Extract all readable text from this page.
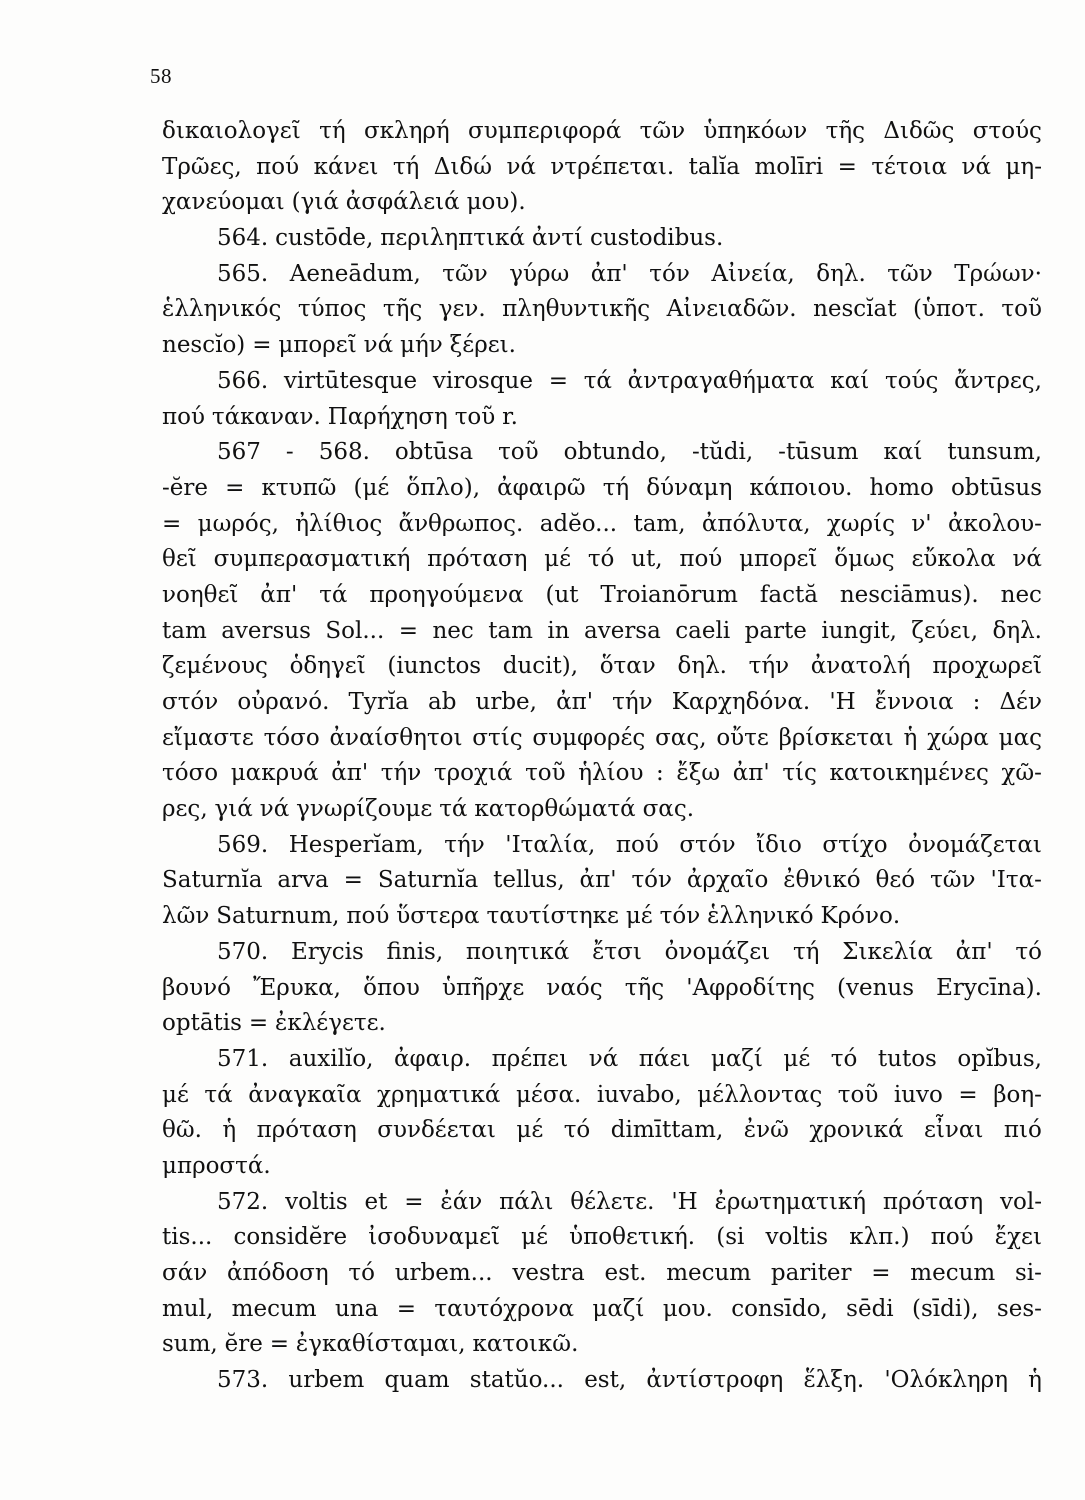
58
δικαιολογεῖ τή σκληρή συμπεριφορά τῶν ὑπηκόων τῆς Διδῶς στούς
Τρῶες, πού κάνει τή Διδώ νά ντρέπεται. talĭa molīri = τέτοια νά μη-
χανεύομαι (γιά ἀσφάλειά μου).
564. custōde, περιληπτικά ἀντί custodibus.
565. Aeneādum, τῶν γύρω ἀπ' τόν Αἰνεία, δηλ. τῶν Τρώων·
ἑλληνικός τύπος τῆς γεν. πληθυντικῆς Αἰνειαδῶν. nescĭat (ὑποτ. τοῦ
nescĭo) = μπορεῖ νά μήν ξέρει.
566. virtūtesque virosque = τά ἀντραγαθήματα καί τούς ἄντρες,
πού τάκαναν. Παρήχηση τοῦ r.
567 - 568. obtūsa τοῦ obtundo, -tŭdi, -tūsum καί tunsum,
-ĕre = κτυπῶ (μέ ὅπλο), ἀφαιρῶ τή δύναμη κάποιου. homo obtūsus
= μωρός, ἠλίθιος ἄνθρωπος. adĕo... tam, ἀπόλυτα, χωρίς ν' ἀκολου-
θεῖ συμπερασματική πρόταση μέ τό ut, πού μπορεῖ ὅμως εὔκολα νά
νοηθεῖ ἀπ' τά προηγούμενα (ut Troianōrum factă nesciāmus). nec
tam aversus Sol... = nec tam in aversa caeli parte iungit, ζεύει, δηλ.
ζεμένους ὁδηγεῖ (iunctos ducit), ὅταν δηλ. τήν ἀνατολή προχωρεῖ
στόν οὐρανό. Tyrĭa ab urbe, ἀπ' τήν Καρχηδόνα. 'Η ἔννοια : Δέν
εἴμαστε τόσο ἀναίσθητοι στίς συμφορές σας, οὔτε βρίσκεται ἡ χώρα μας
τόσο μακρυά ἀπ' τήν τροχιά τοῦ ἡλίου : ἔξω ἀπ' τίς κατοικημένες χῶ-
ρες, γιά νά γνωρίζουμε τά κατορθώματά σας.
569. Hesperĭam, τήν 'Ιταλία, πού στόν ἴδιο στίχο ὀνομάζεται
Saturnĭa arva = Saturnĭa tellus, ἀπ' τόν ἀρχαῖο ἐθνικό θεό τῶν 'Ιτα-
λῶν Saturnum, πού ὕστερα ταυτίστηκε μέ τόν ἑλληνικό Κρόνο.
570. Erycis finis, ποιητικά ἔτσι ὀνομάζει τή Σικελία ἀπ' τό
βουνό Ἔρυκα, ὅπου ὑπῆρχε ναός τῆς 'Αφροδίτης (venus Erycīna).
optātis = ἐκλέγετε.
571. auxilĭo, ἀφαιρ. πρέπει νά πάει μαζί μέ τό tutos opĭbus,
μέ τά ἀναγκαῖα χρηματικά μέσα. iuvabo, μέλλοντας τοῦ iuvo = βοη-
θῶ. ἡ πρόταση συνδέεται μέ τό dimīttam, ἐνῶ χρονικά εἶναι πιό
μπροστά.
572. voltis et = ἐάν πάλι θέλετε. 'Η ἐρωτηματική πρόταση vol-
tis... considĕre ἰσοδυναμεῖ μέ ὑποθετική. (si voltis κλπ.) πού ἔχει
σάν ἀπόδοση τό urbem... vestra est. mecum pariter = mecum si-
mul, mecum una = ταυτόχρονα μαζί μου. consīdo, sēdi (sīdi), ses-
sum, ĕre = ἐγκαθίσταμαι, κατοικῶ.
573. urbem quam statŭo... est, ἀντίστροφη ἕλξη. 'Ολόκληρη ἡ
